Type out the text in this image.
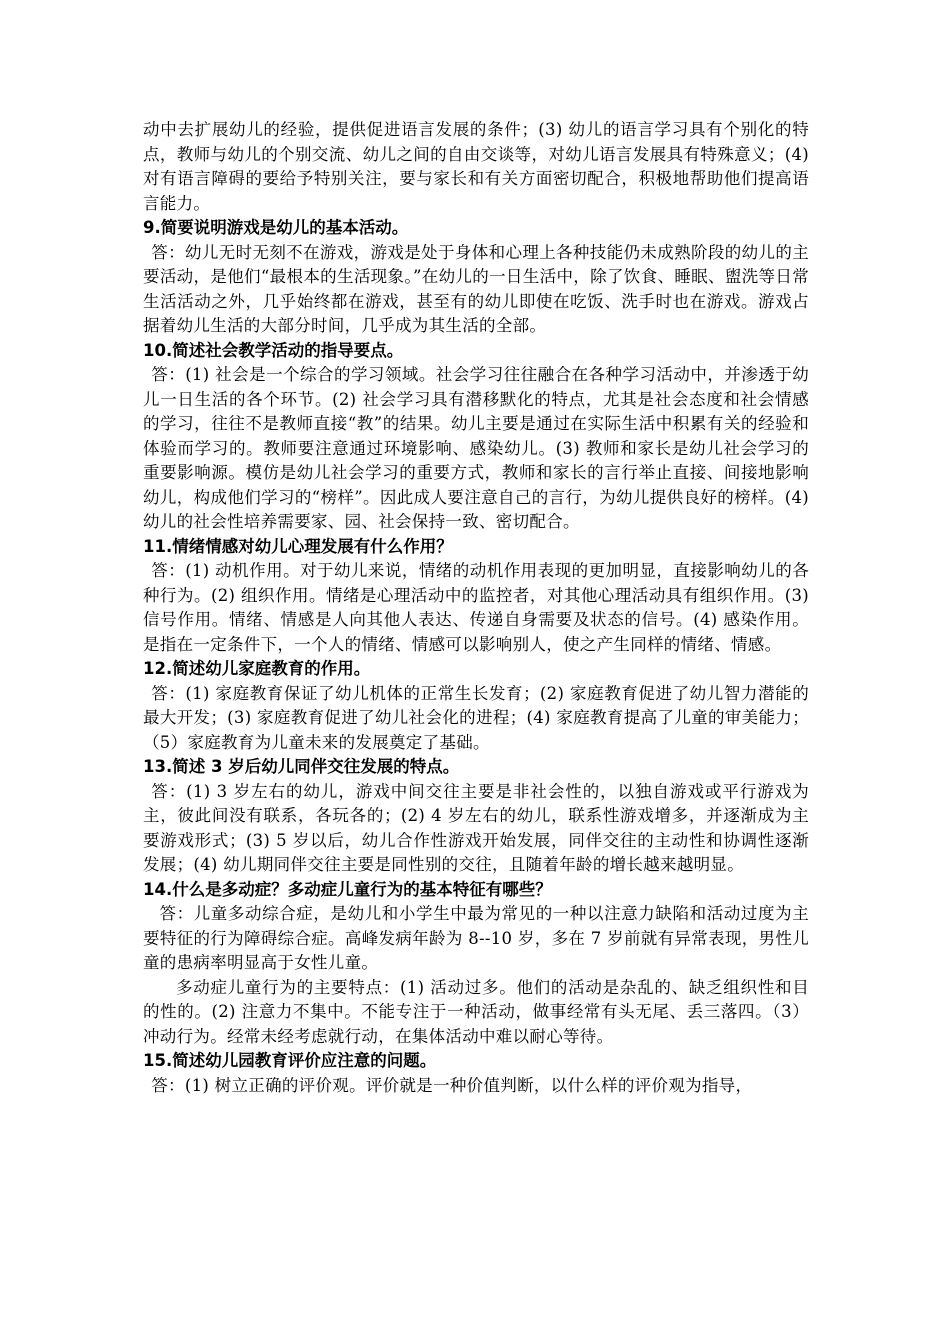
动中去扩展幼儿的经验，提供促进语言发展的条件；(3) 幼儿的语言学习具有个别化的特点，教师与幼儿的个别交流、幼儿之间的自由交谈等，对幼儿语言发展具有特殊意义；(4) 对有语言障碍的要给予特别关注，要与家长和有关方面密切配合，积极地帮助他们提高语言能力。

9.简要说明游戏是幼儿的基本活动。

答：幼儿无时无刻不在游戏，游戏是处于身体和心理上各种技能仍未成熟阶段的幼儿的主要活动，是他们“最根本的生活现象。”在幼儿的一日生活中，除了饮食、睡眠、盥洗等日常生活活动之外，几乎始终都在游戏，甚至有的幼儿即使在吃饭、洗手时也在游戏。游戏占据着幼儿生活的大部分时间，几乎成为其生活的全部。

10.简述社会教学活动的指导要点。

答：(1) 社会是一个综合的学习领域。社会学习往往融合在各种学习活动中，并渗透于幼儿一日生活的各个环节。(2) 社会学习具有潜移默化的特点，尤其是社会态度和社会情感的学习，往往不是教师直接“教”的结果。幼儿主要是通过在实际生活中积累有关的经验和体验而学习的。教师要注意通过环境影响、感染幼儿。(3) 教师和家长是幼儿社会学习的重要影响源。模仿是幼儿社会学习的重要方式，教师和家长的言行举止直接、间接地影响幼儿，构成他们学习的“榜样”。因此成人要注意自己的言行，为幼儿提供良好的榜样。(4) 幼儿的社会性培养需要家、园、社会保持一致、密切配合。

11.情绪情感对幼儿心理发展有什么作用？

答：(1) 动机作用。对于幼儿来说，情绪的动机作用表现的更加明显，直接影响幼儿的各种行为。(2) 组织作用。情绪是心理活动中的监控者，对其他心理活动具有组织作用。(3) 信号作用。情绪、情感是人向其他人表达、传递自身需要及状态的信号。(4) 感染作用。是指在一定条件下，一个人的情绪、情感可以影响别人，使之产生同样的情绪、情感。

12.简述幼儿家庭教育的作用。

答：(1) 家庭教育保证了幼儿机体的正常生长发育；(2) 家庭教育促进了幼儿智力潜能的最大开发；(3) 家庭教育促进了幼儿社会化的进程；(4) 家庭教育提高了儿童的审美能力；（5）家庭教育为儿童未来的发展奠定了基础。

13.简述 3 岁后幼儿同伴交往发展的特点。

答：(1) 3 岁左右的幼儿，游戏中间交往主要是非社会性的，以独自游戏或平行游戏为主，彼此间没有联系，各玩各的；(2) 4 岁左右的幼儿，联系性游戏增多，并逐渐成为主要游戏形式；(3) 5 岁以后，幼儿合作性游戏开始发展，同伴交往的主动性和协调性逐渐发展；(4) 幼儿期同伴交往主要是同性别的交往，且随着年龄的增长越来越明显。

14.什么是多动症？多动症儿童行为的基本特征有哪些？

答：儿童多动综合症，是幼儿和小学生中最为常见的一种以注意力缺陷和活动过度为主要特征的行为障碍综合症。高峰发病年龄为 8--10 岁，多在 7 岁前就有异常表现，男性儿童的患病率明显高于女性儿童。

多动症儿童行为的主要特点：(1) 活动过多。他们的活动是杂乱的、缺乏组织性和目的性的。(2) 注意力不集中。不能专注于一种活动，做事经常有头无尾、丢三落四。（3）冲动行为。经常未经考虑就行动，在集体活动中难以耐心等待。

15.简述幼儿园教育评价应注意的问题。

答：(1) 树立正确的评价观。评价就是一种价值判断，以什么样的评价观为指导，
